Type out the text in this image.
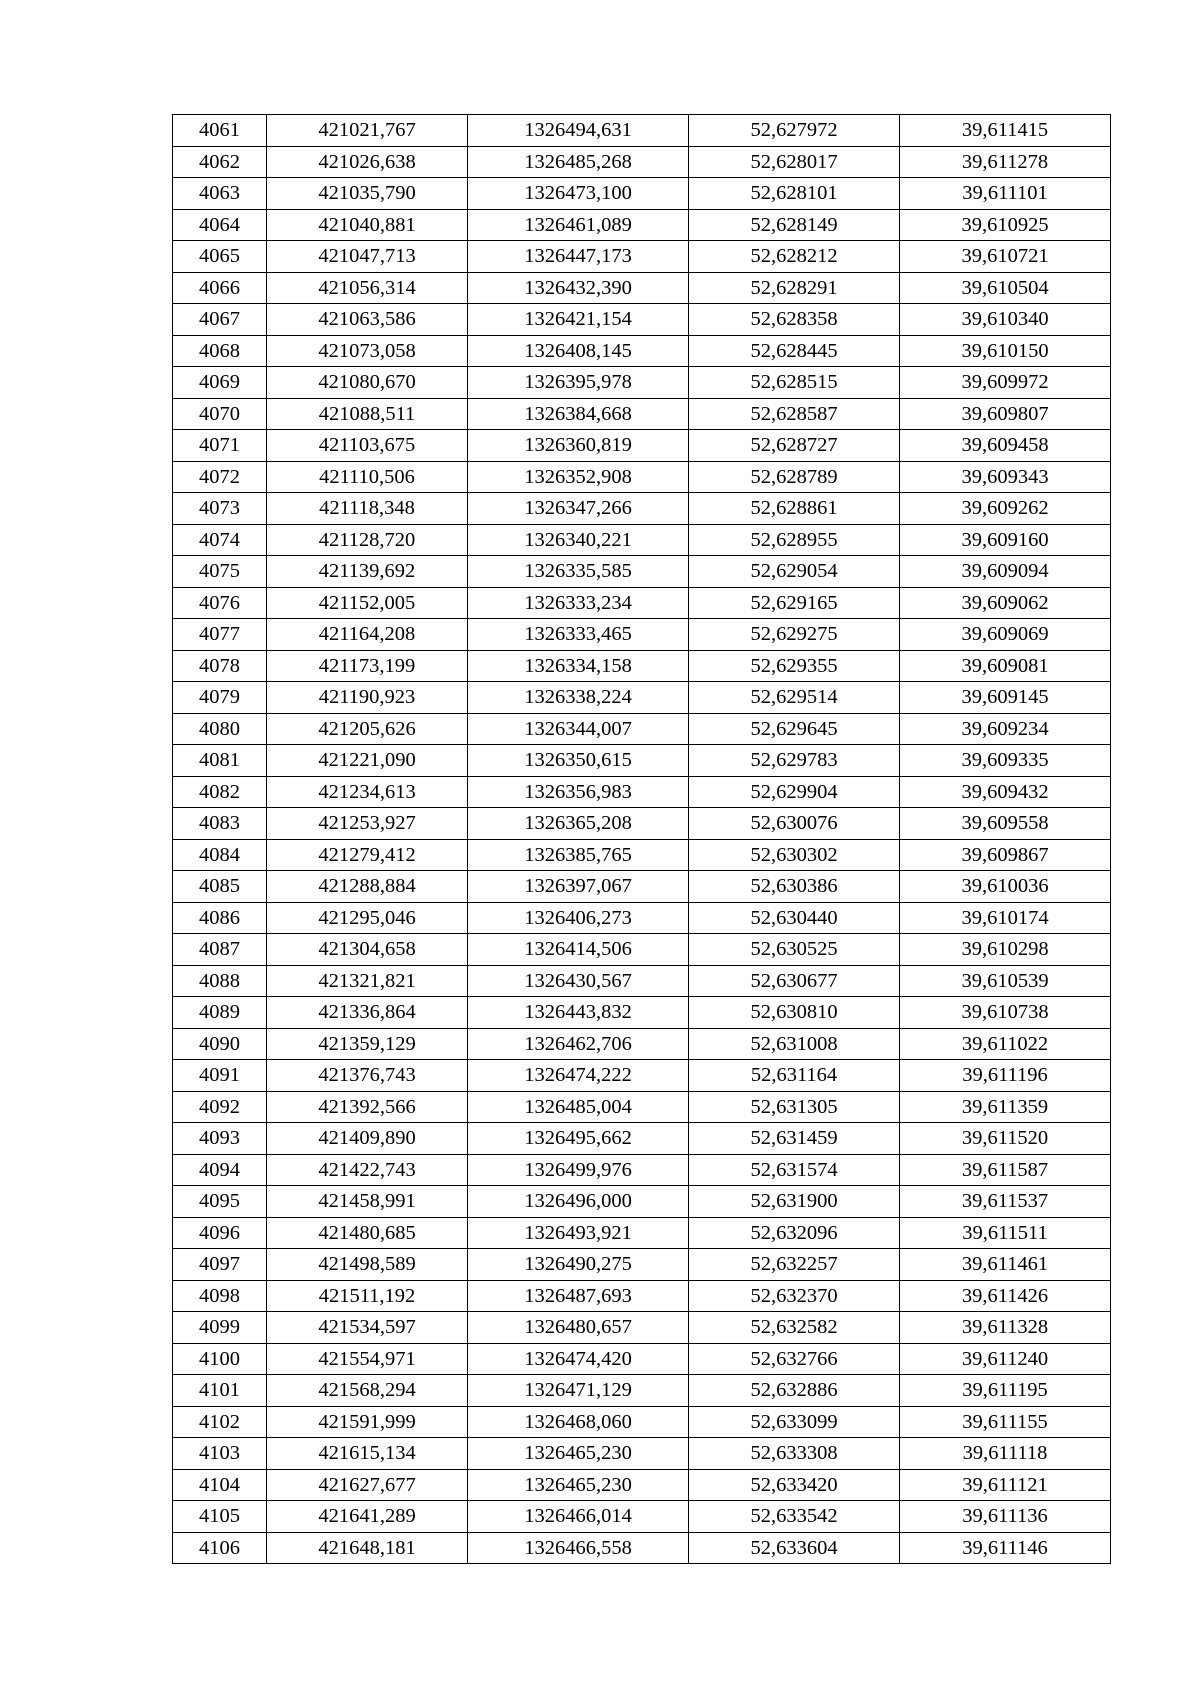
4061	421021,767	1326494,631	52,627972	39,611415
4062	421026,638	1326485,268	52,628017	39,611278
4063	421035,790	1326473,100	52,628101	39,611101
4064	421040,881	1326461,089	52,628149	39,610925
4065	421047,713	1326447,173	52,628212	39,610721
4066	421056,314	1326432,390	52,628291	39,610504
4067	421063,586	1326421,154	52,628358	39,610340
4068	421073,058	1326408,145	52,628445	39,610150
4069	421080,670	1326395,978	52,628515	39,609972
4070	421088,511	1326384,668	52,628587	39,609807
4071	421103,675	1326360,819	52,628727	39,609458
4072	421110,506	1326352,908	52,628789	39,609343
4073	421118,348	1326347,266	52,628861	39,609262
4074	421128,720	1326340,221	52,628955	39,609160
4075	421139,692	1326335,585	52,629054	39,609094
4076	421152,005	1326333,234	52,629165	39,609062
4077	421164,208	1326333,465	52,629275	39,609069
4078	421173,199	1326334,158	52,629355	39,609081
4079	421190,923	1326338,224	52,629514	39,609145
4080	421205,626	1326344,007	52,629645	39,609234
4081	421221,090	1326350,615	52,629783	39,609335
4082	421234,613	1326356,983	52,629904	39,609432
4083	421253,927	1326365,208	52,630076	39,609558
4084	421279,412	1326385,765	52,630302	39,609867
4085	421288,884	1326397,067	52,630386	39,610036
4086	421295,046	1326406,273	52,630440	39,610174
4087	421304,658	1326414,506	52,630525	39,610298
4088	421321,821	1326430,567	52,630677	39,610539
4089	421336,864	1326443,832	52,630810	39,610738
4090	421359,129	1326462,706	52,631008	39,611022
4091	421376,743	1326474,222	52,631164	39,611196
4092	421392,566	1326485,004	52,631305	39,611359
4093	421409,890	1326495,662	52,631459	39,611520
4094	421422,743	1326499,976	52,631574	39,611587
4095	421458,991	1326496,000	52,631900	39,611537
4096	421480,685	1326493,921	52,632096	39,611511
4097	421498,589	1326490,275	52,632257	39,611461
4098	421511,192	1326487,693	52,632370	39,611426
4099	421534,597	1326480,657	52,632582	39,611328
4100	421554,971	1326474,420	52,632766	39,611240
4101	421568,294	1326471,129	52,632886	39,611195
4102	421591,999	1326468,060	52,633099	39,611155
4103	421615,134	1326465,230	52,633308	39,611118
4104	421627,677	1326465,230	52,633420	39,611121
4105	421641,289	1326466,014	52,633542	39,611136
4106	421648,181	1326466,558	52,633604	39,611146
